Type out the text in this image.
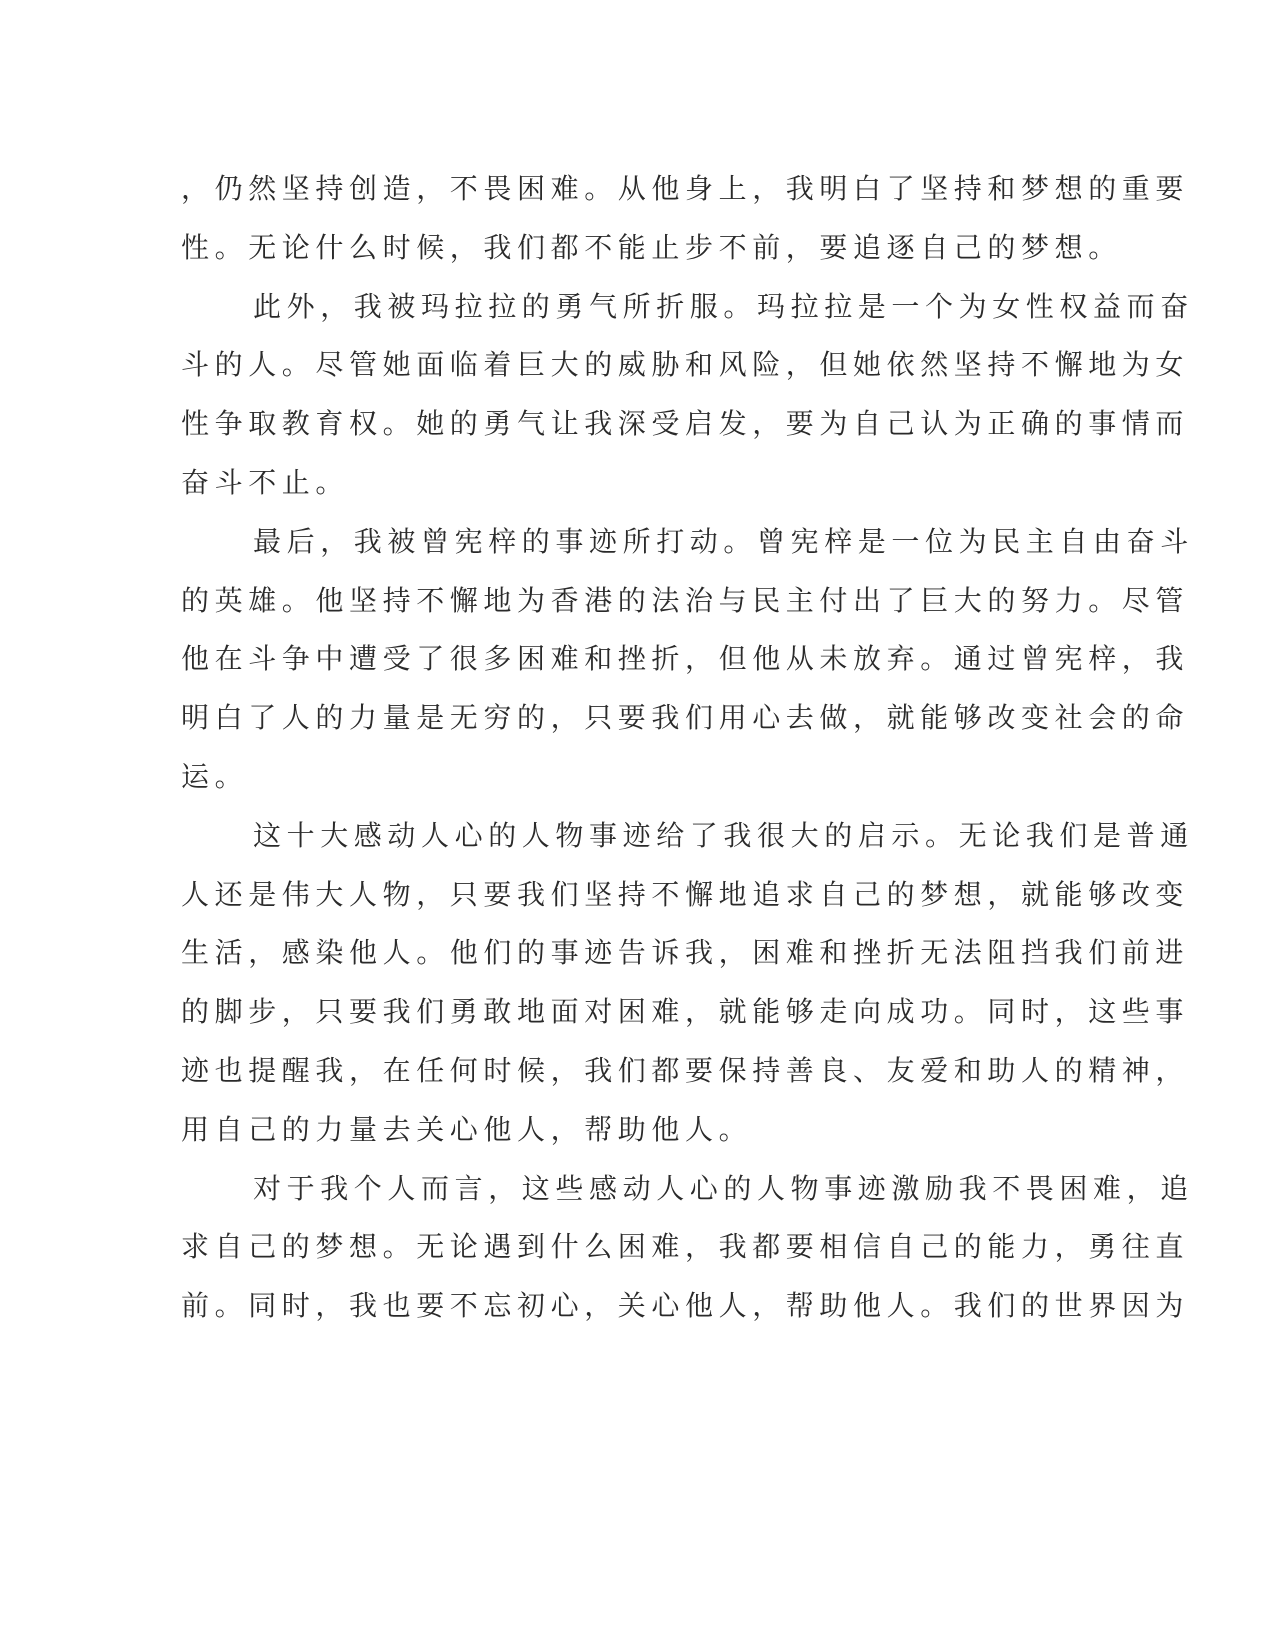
，仍然坚持创造，不畏困难。从他身上，我明白了坚持和梦想的重要
性。无论什么时候，我们都不能止步不前，要追逐自己的梦想。
此外，我被玛拉拉的勇气所折服。玛拉拉是一个为女性权益而奋
斗的人。尽管她面临着巨大的威胁和风险，但她依然坚持不懈地为女
性争取教育权。她的勇气让我深受启发，要为自己认为正确的事情而
奋斗不止。
最后，我被曾宪梓的事迹所打动。曾宪梓是一位为民主自由奋斗
的英雄。他坚持不懈地为香港的法治与民主付出了巨大的努力。尽管
他在斗争中遭受了很多困难和挫折，但他从未放弃。通过曾宪梓，我
明白了人的力量是无穷的，只要我们用心去做，就能够改变社会的命
运。
这十大感动人心的人物事迹给了我很大的启示。无论我们是普通
人还是伟大人物，只要我们坚持不懈地追求自己的梦想，就能够改变
生活，感染他人。他们的事迹告诉我，困难和挫折无法阻挡我们前进
的脚步，只要我们勇敢地面对困难，就能够走向成功。同时，这些事
迹也提醒我，在任何时候，我们都要保持善良、友爱和助人的精神，
用自己的力量去关心他人，帮助他人。
对于我个人而言，这些感动人心的人物事迹激励我不畏困难，追
求自己的梦想。无论遇到什么困难，我都要相信自己的能力，勇往直
前。同时，我也要不忘初心，关心他人，帮助他人。我们的世界因为
